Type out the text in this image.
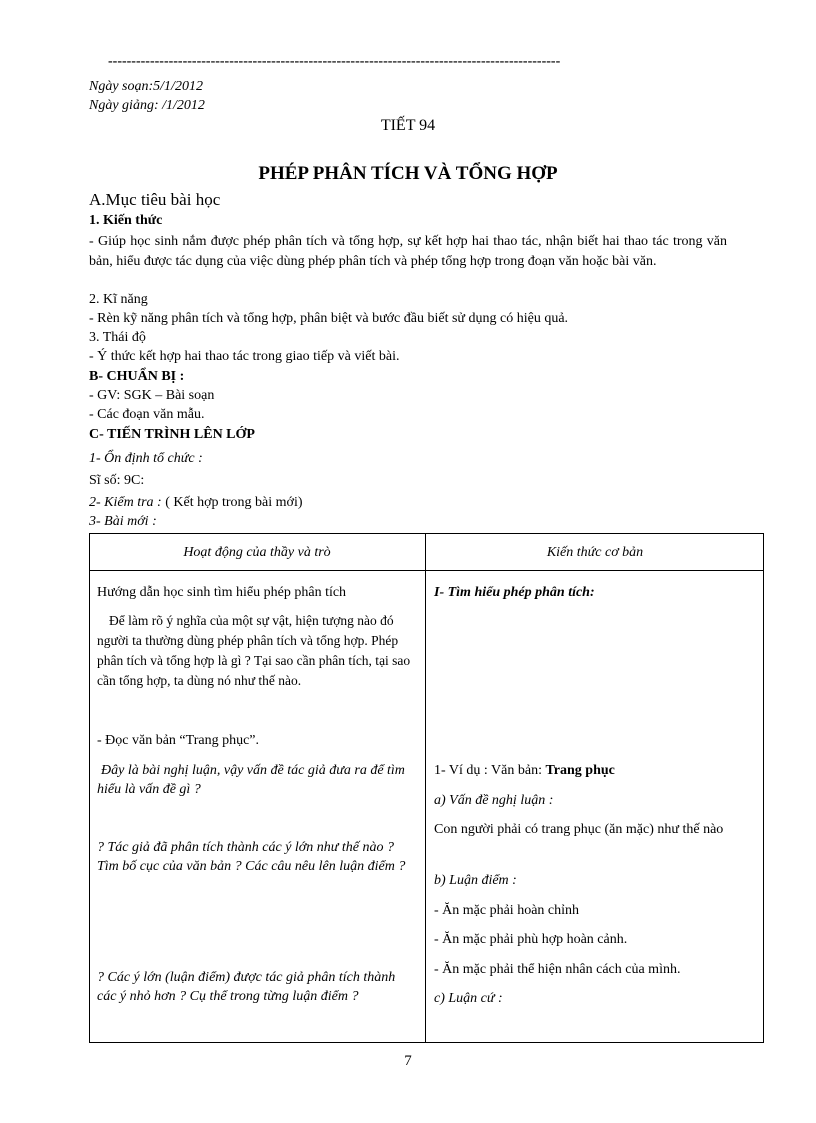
-------------------------------------------------------------------------------------------------
Ngày soạn:5/1/2012
Ngày giảng: /1/2012
TIẾT 94
PHÉP PHÂN TÍCH VÀ TỔNG HỢP
A.Mục tiêu bài học
1. Kiến thức
- Giúp học sinh nắm được phép phân tích và tổng hợp, sự kết hợp hai thao tác, nhận biết hai thao tác trong văn bản, hiểu được tác dụng của việc dùng phép phân tích và phép tổng hợp trong đoạn văn hoặc bài văn.
2. Kĩ năng
- Rèn kỹ năng phân tích và tổng hợp, phân biệt và bước đầu biết sử dụng có hiệu quả.
3. Thái độ
- Ý thức kết hợp hai thao tác trong giao tiếp và viết bài.
B- CHUẨN BỊ :
- GV: SGK – Bài soạn
- Các đoạn văn mẫu.
C- TIẾN TRÌNH LÊN LỚP
1- Ổn định tổ chức :
Sĩ số: 9C:
2- Kiểm tra : ( Kết hợp trong bài mới)
3- Bài mới :
Hoạt động của thầy và trò	Kiến thức cơ bản
Hướng dẫn học sinh tìm hiểu phép phân tích
Để làm rõ ý nghĩa của một sự vật, hiện tượng nào đó người ta thường dùng phép phân tích và tổng hợp. Phép phân tích và tổng hợp là gì ? Tại sao cần phân tích, tại sao cần tổng hợp, ta dùng nó như thế nào.
- Đọc văn bản “Trang phục”.
Đây là bài nghị luận, vậy vấn đề tác giả đưa ra để tìm hiểu là vấn đề gì ?
? Tác giả đã phân tích thành các ý lớn như thế nào ? Tìm bố cục của văn bản ? Các câu nêu lên luận điểm ?
? Các ý lớn (luận điểm) được tác giả phân tích thành các ý nhỏ hơn ? Cụ thể trong từng luận điểm ?
I- Tìm hiểu phép phân tích:
1- Ví dụ : Văn bản: Trang phục
a) Vấn đề nghị luận :
Con người phải có trang phục (ăn mặc) như thế nào
b) Luận điểm :
- Ăn mặc phải hoàn chỉnh
- Ăn mặc phải phù hợp hoàn cảnh.
- Ăn mặc phải thể hiện nhân cách của mình.
c) Luận cứ :
7
